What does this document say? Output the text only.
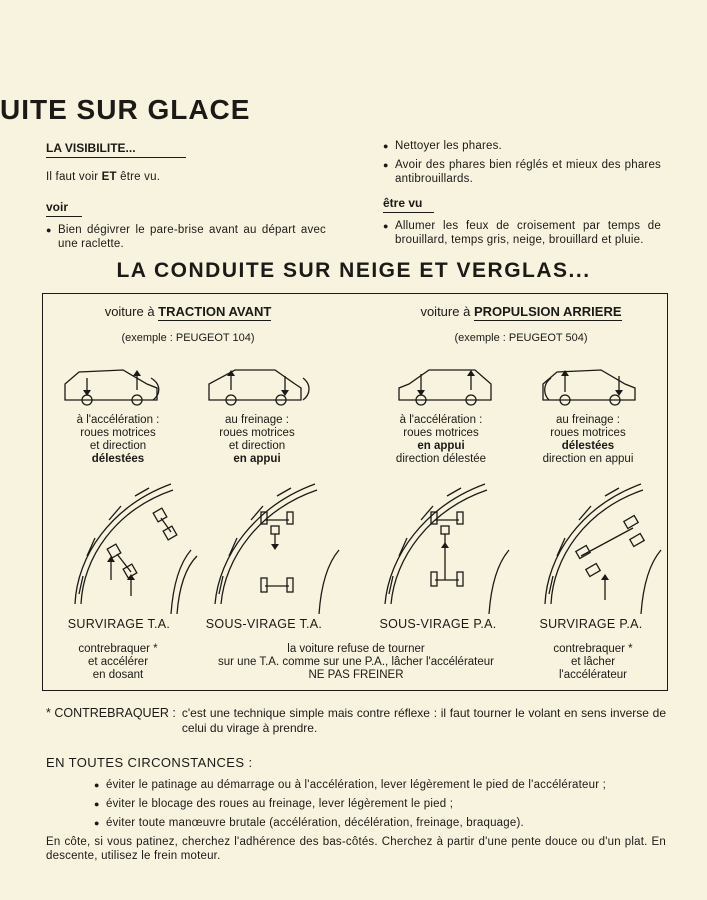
UITE SUR GLACE
LA VISIBILITE...
Il faut voir ET être vu.
voir
● Bien dégivrer le pare-brise avant au départ avec une raclette.
● Nettoyer les phares.
● Avoir des phares bien réglés et mieux des phares antibrouillards.
être vu
● Allumer les feux de croisement par temps de brouillard, temps gris, neige, brouillard et pluie.
LA CONDUITE SUR NEIGE ET VERGLAS...
voiture à TRACTION AVANT
(exemple : PEUGEOT 104)
voiture à PROPULSION ARRIERE
(exemple : PEUGEOT 504)
à l'accélération :
roues motrices
et direction
délestées
au freinage :
roues motrices
et direction
en appui
à l'accélération :
roues motrices
en appui
direction délestée
au freinage :
roues motrices
délestées
direction en appui
SURVIRAGE T.A.	SOUS-VIRAGE T.A.	SOUS-VIRAGE P.A.	SURVIRAGE P.A.
contrebraquer *
et accélérer
en dosant
la voiture refuse de tourner
sur une T.A. comme sur une P.A., lâcher l'accélérateur
NE PAS FREINER
contrebraquer *
et lâcher
l'accélérateur
* CONTREBRAQUER : c'est une technique simple mais contre réflexe : il faut tourner le volant en sens inverse de celui du virage à prendre.
EN TOUTES CIRCONSTANCES :
● éviter le patinage au démarrage ou à l'accélération, lever légèrement le pied de l'accélérateur ;
● éviter le blocage des roues au freinage, lever légèrement le pied ;
● éviter toute manœuvre brutale (accélération, décélération, freinage, braquage).
En côte, si vous patinez, cherchez l'adhérence des bas-côtés. Cherchez à partir d'une pente douce ou d'un plat. En descente, utilisez le frein moteur.
